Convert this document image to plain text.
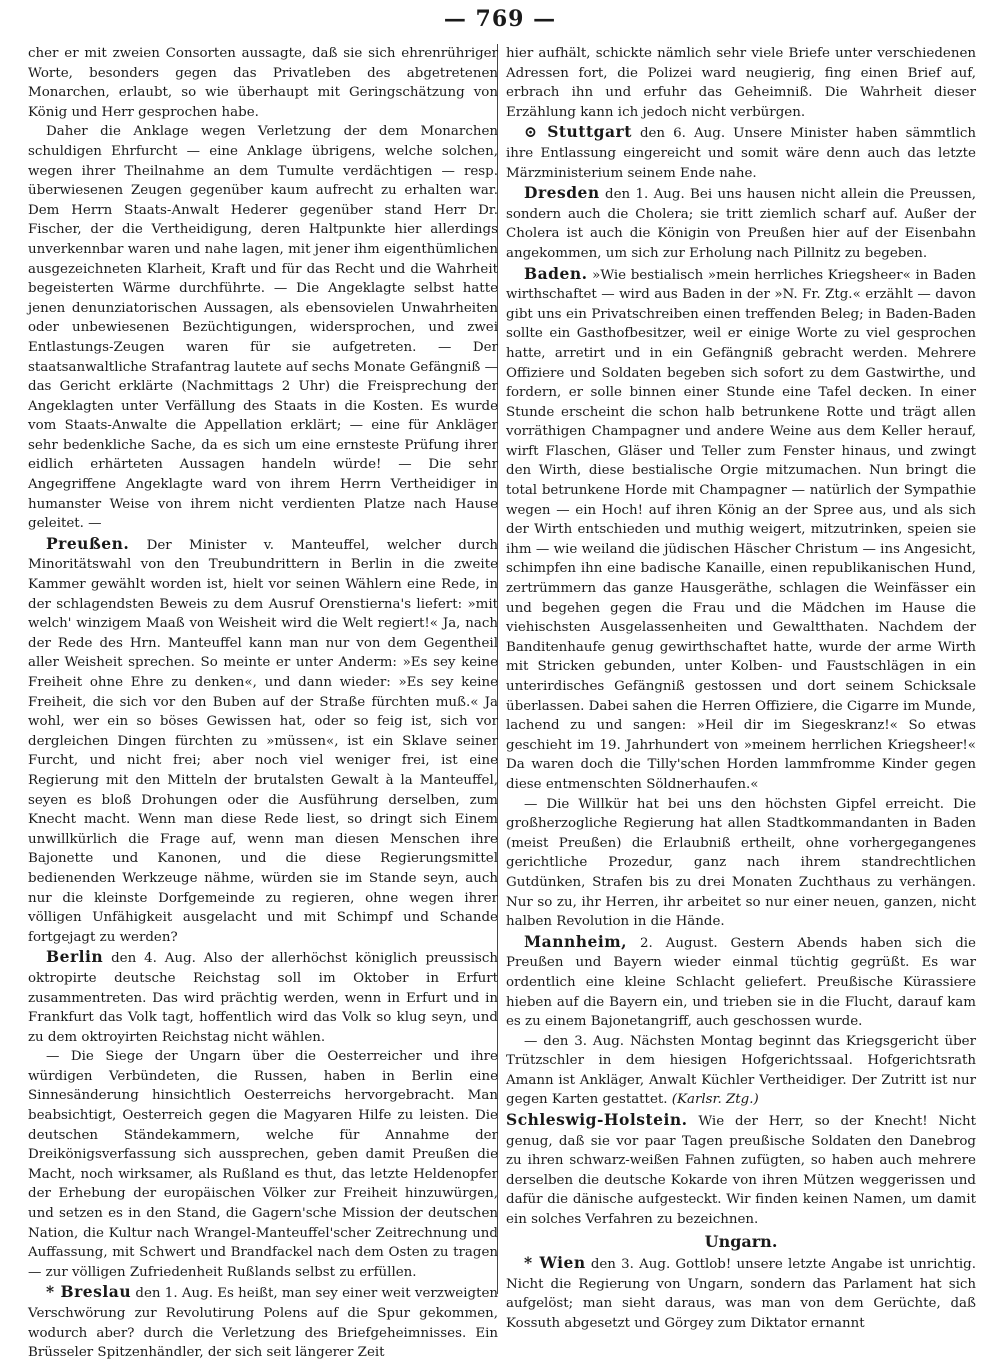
— 769 —

cher er mit zweien Consorten aussagte, daß sie sich ehrenrühriger Worte, besonders gegen das Privatleben des abgetretenen Monarchen, erlaubt, so wie überhaupt mit Geringschätzung von König und Herr gesprochen habe.

Daher die Anklage wegen Verletzung der dem Monarchen schuldigen Ehrfurcht — eine Anklage übrigens, welche solchen, wegen ihrer Theilnahme an dem Tumulte verdächtigen — resp. überwiesenen Zeugen gegenüber kaum aufrecht zu erhalten war. Dem Herrn Staats-Anwalt Hederer gegenüber stand Herr Dr. Fischer, der die Vertheidigung, deren Haltpunkte hier allerdings unverkennbar waren und nahe lagen, mit jener ihm eigenthümlichen ausgezeichneten Klarheit, Kraft und für das Recht und die Wahrheit begeisterten Wärme durchführte. — Die Angeklagte selbst hatte jenen denunziatorischen Aussagen, als ebensovielen Unwahrheiten oder unbewiesenen Bezüchtigungen, widersprochen, und zwei Entlastungs-Zeugen waren für sie aufgetreten. — Der staatsanwaltliche Strafantrag lautete auf sechs Monate Gefängniß — das Gericht erklärte (Nachmittags 2 Uhr) die Freisprechung der Angeklagten unter Verfällung des Staats in die Kosten. Es wurde vom Staats-Anwalte die Appellation erklärt; — eine für Ankläger sehr bedenkliche Sache, da es sich um eine ernsteste Prüfung ihrer eidlich erhärteten Aussagen handeln würde! — Die sehr Angegriffene Angeklagte ward von ihrem Herrn Vertheidiger in humanster Weise von ihrem nicht verdienten Platze nach Hause geleitet. —

Preußen. Der Minister v. Manteuffel, welcher durch Minoritätswahl von den Treubundrittern in Berlin in die zweite Kammer gewählt worden ist, hielt vor seinen Wählern eine Rede, in der schlagendsten Beweis zu dem Ausruf Orenstierna's liefert: »mit welch' winzigem Maaß von Weisheit wird die Welt regiert!« Ja, nach der Rede des Hrn. Manteuffel kann man nur von dem Gegentheil aller Weisheit sprechen. So meinte er unter Anderm: »Es sey keine Freiheit ohne Ehre zu denken«, und dann wieder: »Es sey keine Freiheit, die sich vor den Buben auf der Straße fürchten muß.« Ja wohl, wer ein so böses Gewissen hat, oder so feig ist, sich vor dergleichen Dingen fürchten zu »müssen«, ist ein Sklave seiner Furcht, und nicht frei; aber noch viel weniger frei, ist eine Regierung mit den Mitteln der brutalsten Gewalt à la Manteuffel, seyen es bloß Drohungen oder die Ausführung derselben, zum Knecht macht. Wenn man diese Rede liest, so dringt sich Einem unwillkürlich die Frage auf, wenn man diesen Menschen ihre Bajonette und Kanonen, und die diese Regierungsmittel bedienenden Werkzeuge nähme, würden sie im Stande seyn, auch nur die kleinste Dorfgemeinde zu regieren, ohne wegen ihrer völligen Unfähigkeit ausgelacht und mit Schimpf und Schande fortgejagt zu werden?

Berlin den 4. Aug. Also der allerhöchst königlich preussisch oktropirte deutsche Reichstag soll im Oktober in Erfurt zusammentreten. Das wird prächtig werden, wenn in Erfurt und in Frankfurt das Volk tagt, hoffentlich wird das Volk so klug seyn, und zu dem oktroyirten Reichstag nicht wählen.

— Die Siege der Ungarn über die Oesterreicher und ihre würdigen Verbündeten, die Russen, haben in Berlin eine Sinnesänderung hinsichtlich Oesterreichs hervorgebracht. Man beabsichtigt, Oesterreich gegen die Magyaren Hilfe zu leisten. Die deutschen Ständekammern, welche für Annahme der Dreikönigsverfassung sich aussprechen, geben damit Preußen die Macht, noch wirksamer, als Rußland es thut, das letzte Heldenopfer der Erhebung der europäischen Völker zur Freiheit hinzuwürgen, und setzen es in den Stand, die Gagern'sche Mission der deutschen Nation, die Kultur nach Wrangel-Manteuffel'scher Zeitrechnung und Auffassung, mit Schwert und Brandfackel nach dem Osten zu tragen — zur völligen Zufriedenheit Rußlands selbst zu erfüllen.

* Breslau den 1. Aug. Es heißt, man sey einer weit verzweigten Verschwörung zur Revolutirung Polens auf die Spur gekommen, wodurch aber? durch die Verletzung des Briefgeheimnisses. Ein Brüsseler Spitzenhändler, der sich seit längerer Zeit

hier aufhält, schickte nämlich sehr viele Briefe unter verschiedenen Adressen fort, die Polizei ward neugierig, fing einen Brief auf, erbrach ihn und erfuhr das Geheimniß. Die Wahrheit dieser Erzählung kann ich jedoch nicht verbürgen.

⊙ Stuttgart den 6. Aug. Unsere Minister haben sämmtlich ihre Entlassung eingereicht und somit wäre denn auch das letzte Märzministerium seinem Ende nahe.

Dresden den 1. Aug. Bei uns hausen nicht allein die Preussen, sondern auch die Cholera; sie tritt ziemlich scharf auf. Außer der Cholera ist auch die Königin von Preußen hier auf der Eisenbahn angekommen, um sich zur Erholung nach Pillnitz zu begeben.

Baden. »Wie bestialisch »mein herrliches Kriegsheer« in Baden wirthschaftet — wird aus Baden in der »N. Fr. Ztg.« erzählt — davon gibt uns ein Privatschreiben einen treffenden Beleg; in Baden-Baden sollte ein Gasthofbesitzer, weil er einige Worte zu viel gesprochen hatte, arretirt und in ein Gefängniß gebracht werden. Mehrere Offiziere und Soldaten begeben sich sofort zu dem Gastwirthe, und fordern, er solle binnen einer Stunde eine Tafel decken. In einer Stunde erscheint die schon halb betrunkene Rotte und trägt allen vorräthigen Champagner und andere Weine aus dem Keller herauf, wirft Flaschen, Gläser und Teller zum Fenster hinaus, und zwingt den Wirth, diese bestialische Orgie mitzumachen. Nun bringt die total betrunkene Horde mit Champagner — natürlich der Sympathie wegen — ein Hoch! auf ihren König an der Spree aus, und als sich der Wirth entschieden und muthig weigert, mitzutrinken, speien sie ihm — wie weiland die jüdischen Häscher Christum — ins Angesicht, schimpfen ihn eine badische Kanaille, einen republikanischen Hund, zertrümmern das ganze Hausgeräthe, schlagen die Weinfässer ein und begehen gegen die Frau und die Mädchen im Hause die viehischsten Ausgelassenheiten und Gewaltthaten. Nachdem der Banditenhaufe genug gewirthschaftet hatte, wurde der arme Wirth mit Stricken gebunden, unter Kolben- und Faustschlägen in ein unterirdisches Gefängniß gestossen und dort seinem Schicksale überlassen. Dabei sahen die Herren Offiziere, die Cigarre im Munde, lachend zu und sangen: »Heil dir im Siegeskranz!« So etwas geschieht im 19. Jahrhundert von »meinem herrlichen Kriegsheer!« Da waren doch die Tilly'schen Horden lammfromme Kinder gegen diese entmenschten Söldnerhaufen.«

— Die Willkür hat bei uns den höchsten Gipfel erreicht. Die großherzogliche Regierung hat allen Stadtkommandanten in Baden (meist Preußen) die Erlaubniß ertheilt, ohne vorhergegangenes gerichtliche Prozedur, ganz nach ihrem standrechtlichen Gutdünken, Strafen bis zu drei Monaten Zuchthaus zu verhängen. Nur so zu, ihr Herren, ihr arbeitet so nur einer neuen, ganzen, nicht halben Revolution in die Hände.

Mannheim, 2. August. Gestern Abends haben sich die Preußen und Bayern wieder einmal tüchtig gegrüßt. Es war ordentlich eine kleine Schlacht geliefert. Preußische Kürassiere hieben auf die Bayern ein, und trieben sie in die Flucht, darauf kam es zu einem Bajonetangriff, auch geschossen wurde.

— den 3. Aug. Nächsten Montag beginnt das Kriegsgericht über Trützschler in dem hiesigen Hofgerichtssaal. Hofgerichtsrath Amann ist Ankläger, Anwalt Küchler Vertheidiger. Der Zutritt ist nur gegen Karten gestattet. (Karlsr. Ztg.)

Schleswig-Holstein. Wie der Herr, so der Knecht! Nicht genug, daß sie vor paar Tagen preußische Soldaten den Danebrog zu ihren schwarz-weißen Fahnen zufügten, so haben auch mehrere derselben die deutsche Kokarde von ihren Mützen weggerissen und dafür die dänische aufgesteckt. Wir finden keinen Namen, um damit ein solches Verfahren zu bezeichnen.

Ungarn.

* Wien den 3. Aug. Gottlob! unsere letzte Angabe ist unrichtig. Nicht die Regierung von Ungarn, sondern das Parlament hat sich aufgelöst; man sieht daraus, was man von dem Gerüchte, daß Kossuth abgesetzt und Görgey zum Diktator ernannt
